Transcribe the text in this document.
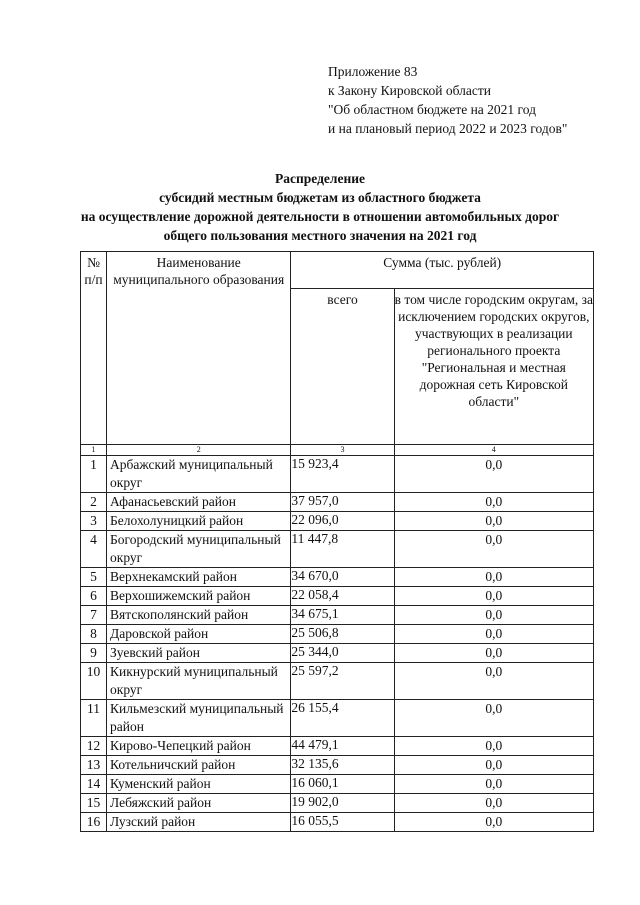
Приложение 83
к Закону Кировской области
"Об областном бюджете на 2021 год
и на плановый период 2022 и 2023 годов"
Распределение
субсидий местным бюджетам из областного бюджета
на осуществление дорожной деятельности в отношении автомобильных дорог
общего пользования местного значения на 2021 год
№ п/п	Наименование муниципального образования	Сумма (тыс. рублей)	
		всего	в том числе городским округам, за исключением городских округов, участвующих в реализации регионального проекта "Региональная и местная дорожная сеть Кировской области"
1	2	3	4
1	Арбажский муниципальный округ	15 923,4	0,0
2	Афанасьевский район	37 957,0	0,0
3	Белохолуницкий район	22 096,0	0,0
4	Богородский муниципальный округ	11 447,8	0,0
5	Верхнекамский район	34 670,0	0,0
6	Верхошижемский район	22 058,4	0,0
7	Вятскополянский район	34 675,1	0,0
8	Даровской район	25 506,8	0,0
9	Зуевский район	25 344,0	0,0
10	Кикнурский муниципальный округ	25 597,2	0,0
11	Кильмезский муниципальный район	26 155,4	0,0
12	Кирово-Чепецкий район	44 479,1	0,0
13	Котельничский район	32 135,6	0,0
14	Куменский район	16 060,1	0,0
15	Лебяжский район	19 902,0	0,0
16	Лузский район	16 055,5	0,0
